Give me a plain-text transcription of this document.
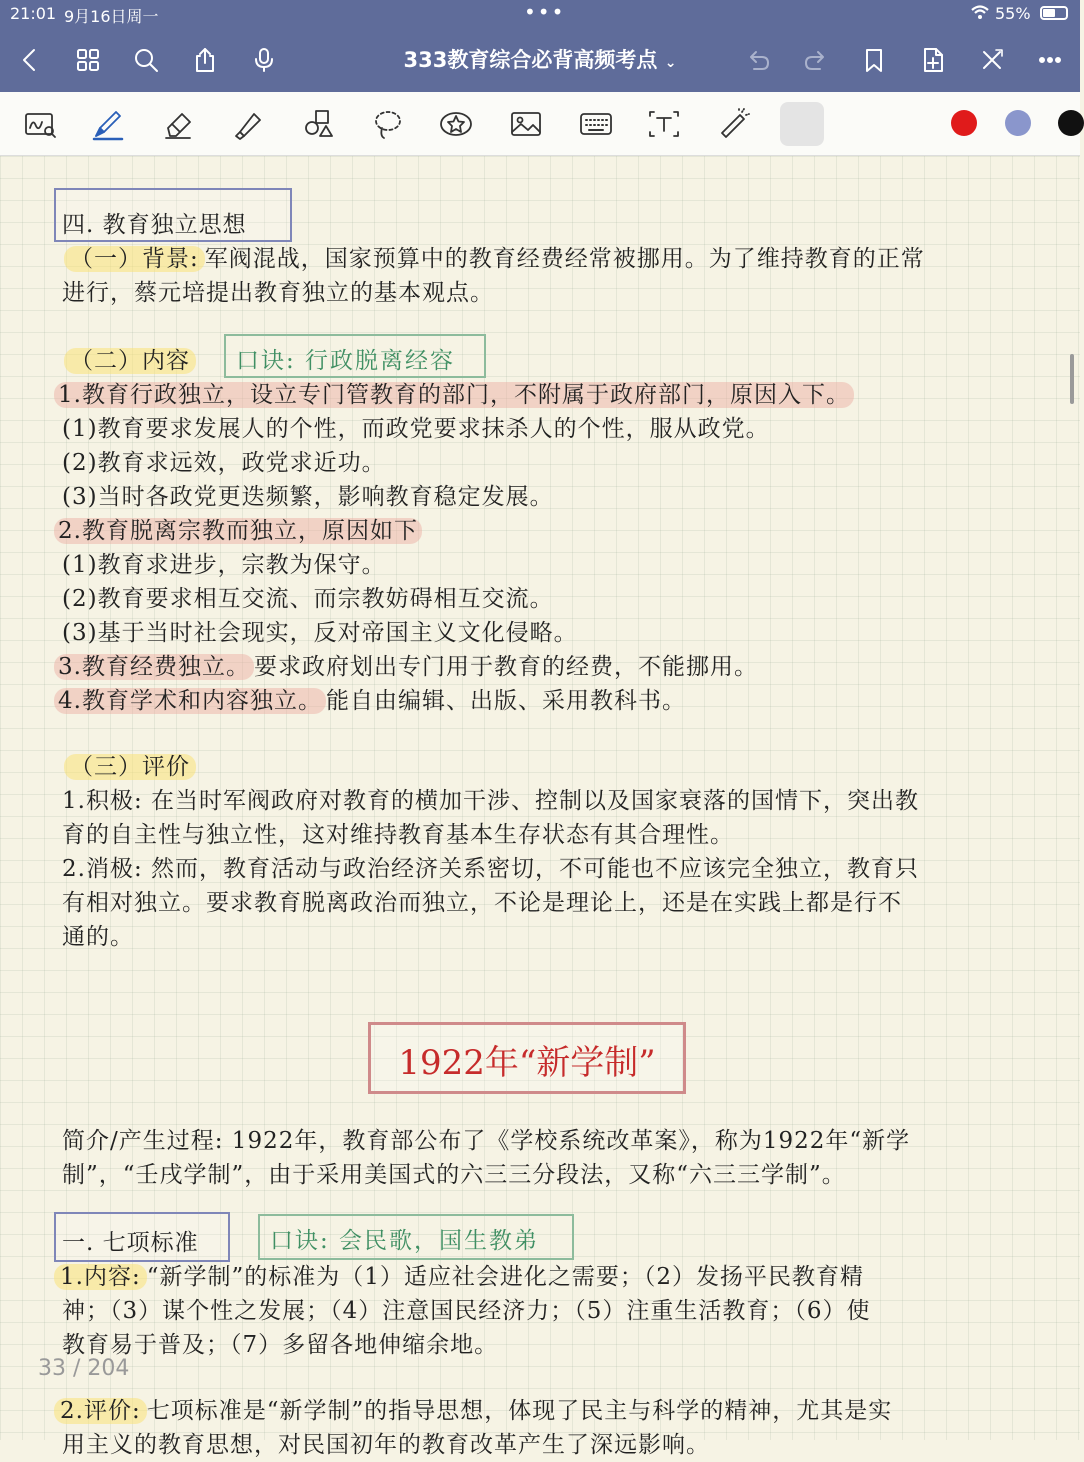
21:01 9月16日周一	•••	55%
333教育综合必背高频考点 ⌄
四. 教育独立思想
（一）背景: 军阀混战，国家预算中的教育经费经常被挪用。为了维持教育的正常
进行，蔡元培提出教育独立的基本观点。
（二）内容 口诀: 行政脱离经容
1.教育行政独立，设立专门管教育的部门，不附属于政府部门，原因入下。
(1)教育要求发展人的个性，而政党要求抹杀人的个性，服从政党。
(2)教育求远效，政党求近功。
(3)当时各政党更迭频繁，影响教育稳定发展。
2.教育脱离宗教而独立，原因如下
(1)教育求进步，宗教为保守。
(2)教育要求相互交流、而宗教妨碍相互交流。
(3)基于当时社会现实，反对帝国主义文化侵略。
3.教育经费独立。 要求政府划出专门用于教育的经费，不能挪用。
4.教育学术和内容独立。 能自由编辑、出版、采用教科书。
（三）评价
1.积极: 在当时军阀政府对教育的横加干涉、控制以及国家衰落的国情下，突出教
育的自主性与独立性，这对维持教育基本生存状态有其合理性。
2.消极: 然而，教育活动与政治经济关系密切，不可能也不应该完全独立，教育只
有相对独立。要求教育脱离政治而独立，不论是理论上，还是在实践上都是行不
通的。
1922年“新学制”
简介/产生过程: 1922年，教育部公布了《学校系统改革案》，称为1922年“新学
制”，“壬戌学制”，由于采用美国式的六三三分段法，又称“六三三学制”。
一. 七项标准	口诀: 会民歌，国生教弟
1.内容: “新学制”的标准为（1）适应社会进化之需要；（2）发扬平民教育精
神；（3）谋个性之发展；（4）注意国民经济力；（5）注重生活教育；（6）使
教育易于普及；（7）多留各地伸缩余地。
2.评价: 七项标准是“新学制”的指导思想，体现了民主与科学的精神，尤其是实
用主义的教育思想，对民国初年的教育改革产生了深远影响。
33 / 204
